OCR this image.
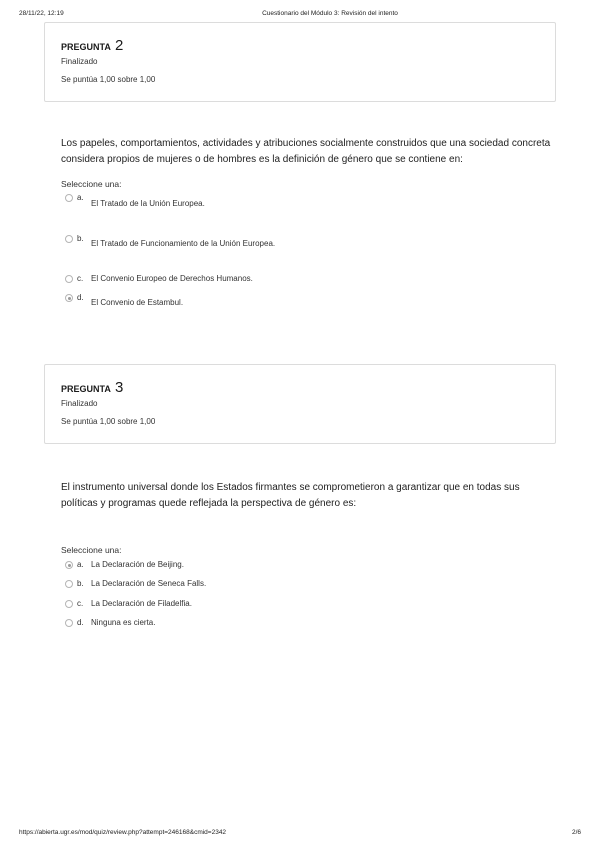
28/11/22, 12:19	Cuestionario del Módulo 3: Revisión del intento
PREGUNTA 2
Finalizado
Se puntúa 1,00 sobre 1,00
Los papeles, comportamientos, actividades y atribuciones socialmente construidos que una sociedad concreta considera propios de mujeres o de hombres es la definición de género que se contiene en:
Seleccione una:
a.
El Tratado de la Unión Europea.
b.
El Tratado de Funcionamiento de la Unión Europea.
c. El Convenio Europeo de Derechos Humanos.
d.
El Convenio de Estambul.
PREGUNTA 3
Finalizado
Se puntúa 1,00 sobre 1,00
El instrumento universal donde los Estados firmantes se comprometieron a garantizar que en todas sus políticas y programas quede reflejada la perspectiva de género es:
Seleccione una:
a. La Declaración de Beijing.
b. La Declaración de Seneca Falls.
c. La Declaración de Filadelfia.
d. Ninguna es cierta.
https://abierta.ugr.es/mod/quiz/review.php?attempt=246168&cmid=2342	2/6
